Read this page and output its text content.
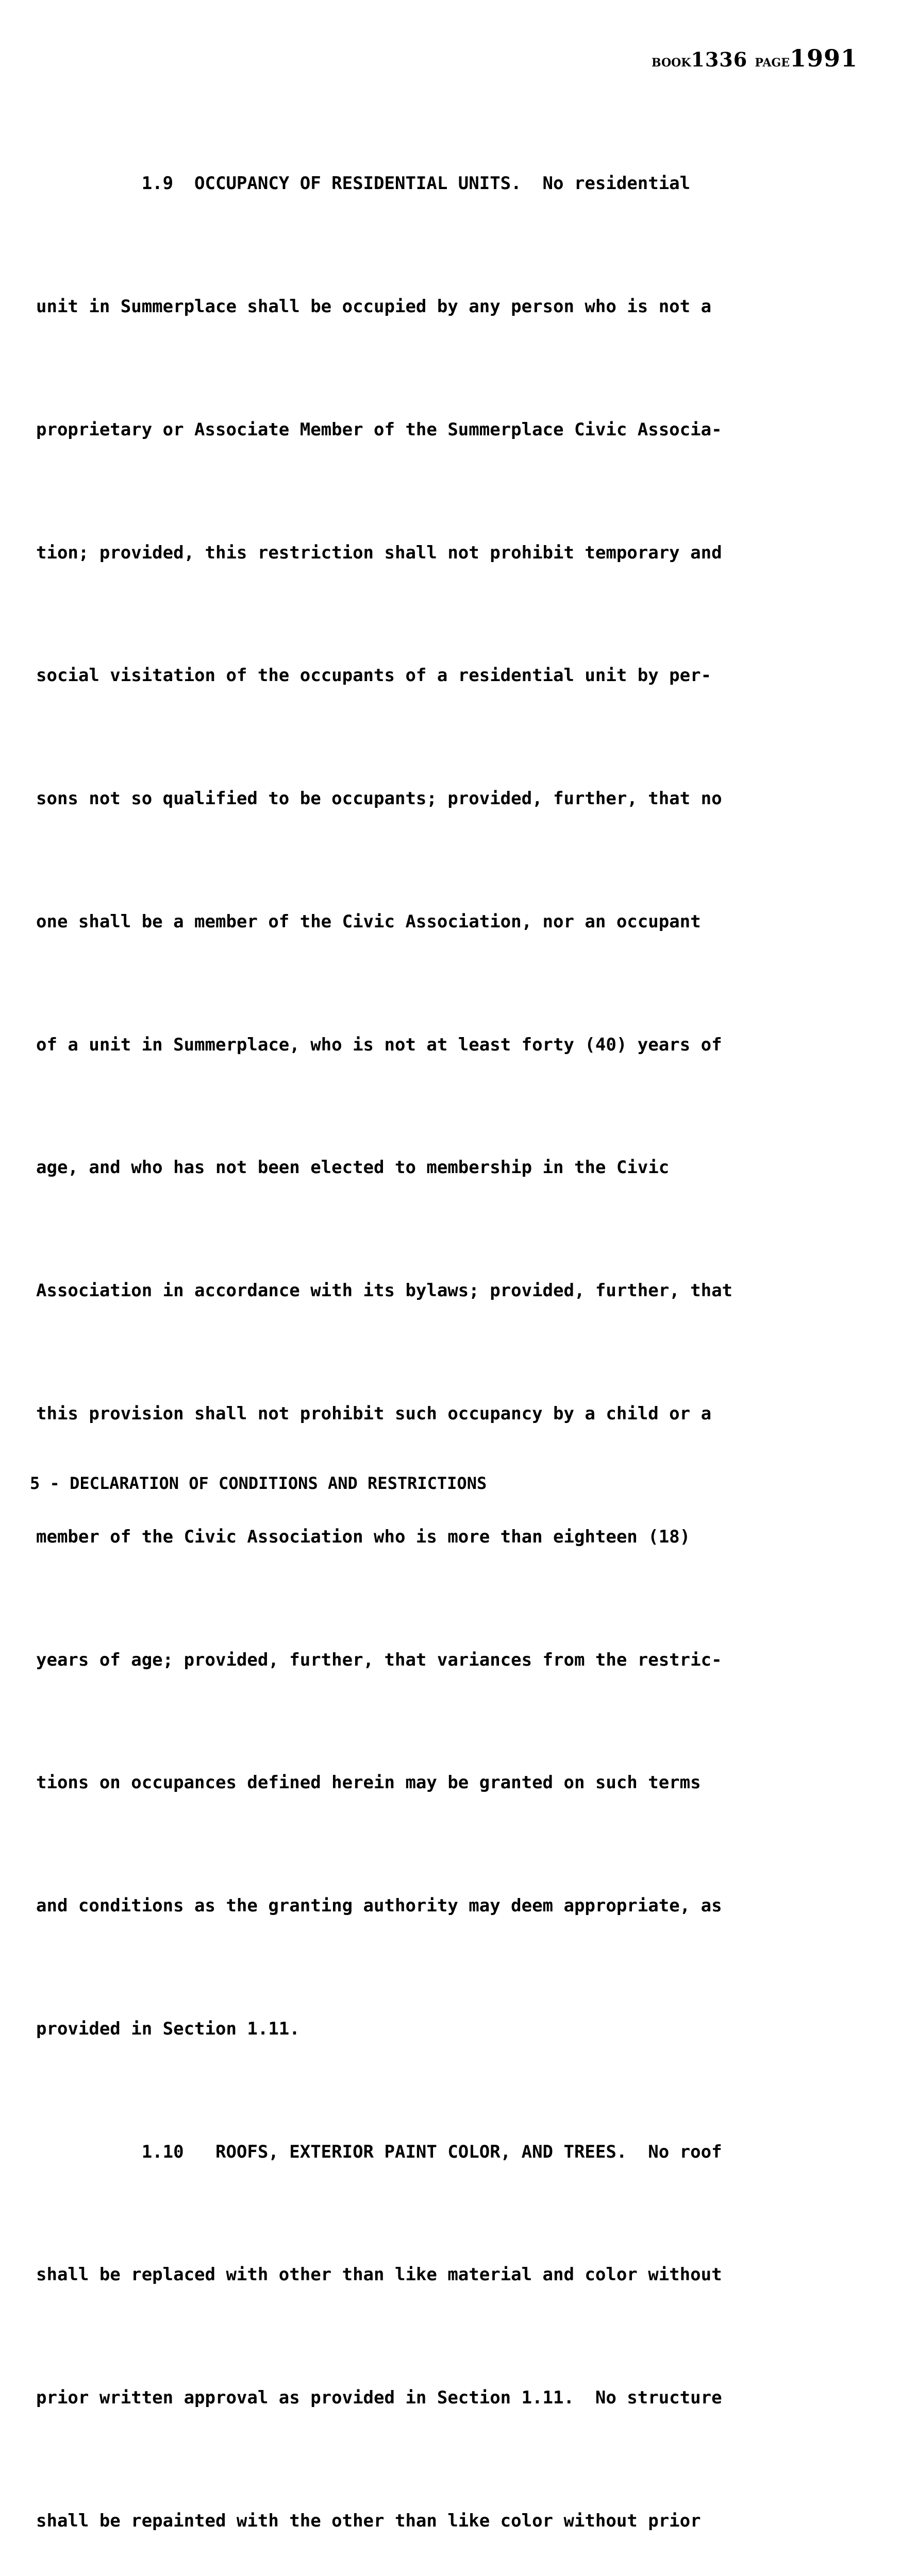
BOOK1336 PAGE1991

1.9  OCCUPANCY OF RESIDENTIAL UNITS.  No residential

unit in Summerplace shall be occupied by any person who is not a

proprietary or Associate Member of the Summerplace Civic Associa-

tion; provided, this restriction shall not prohibit temporary and

social visitation of the occupants of a residential unit by per-

sons not so qualified to be occupants; provided, further, that no

one shall be a member of the Civic Association, nor an occupant

of a unit in Summerplace, who is not at least forty (40) years of

age, and who has not been elected to membership in the Civic

Association in accordance with its bylaws; provided, further, that

this provision shall not prohibit such occupancy by a child or a

member of the Civic Association who is more than eighteen (18)

years of age; provided, further, that variances from the restric-

tions on occupances defined herein may be granted on such terms

and conditions as the granting authority may deem appropriate, as

provided in Section 1.11.

1.10   ROOFS, EXTERIOR PAINT COLOR, AND TREES.  No roof

shall be replaced with other than like material and color without

prior written approval as provided in Section 1.11.  No structure

shall be repainted with the other than like color without prior

5 - DECLARATION OF CONDITIONS AND RESTRICTIONS
